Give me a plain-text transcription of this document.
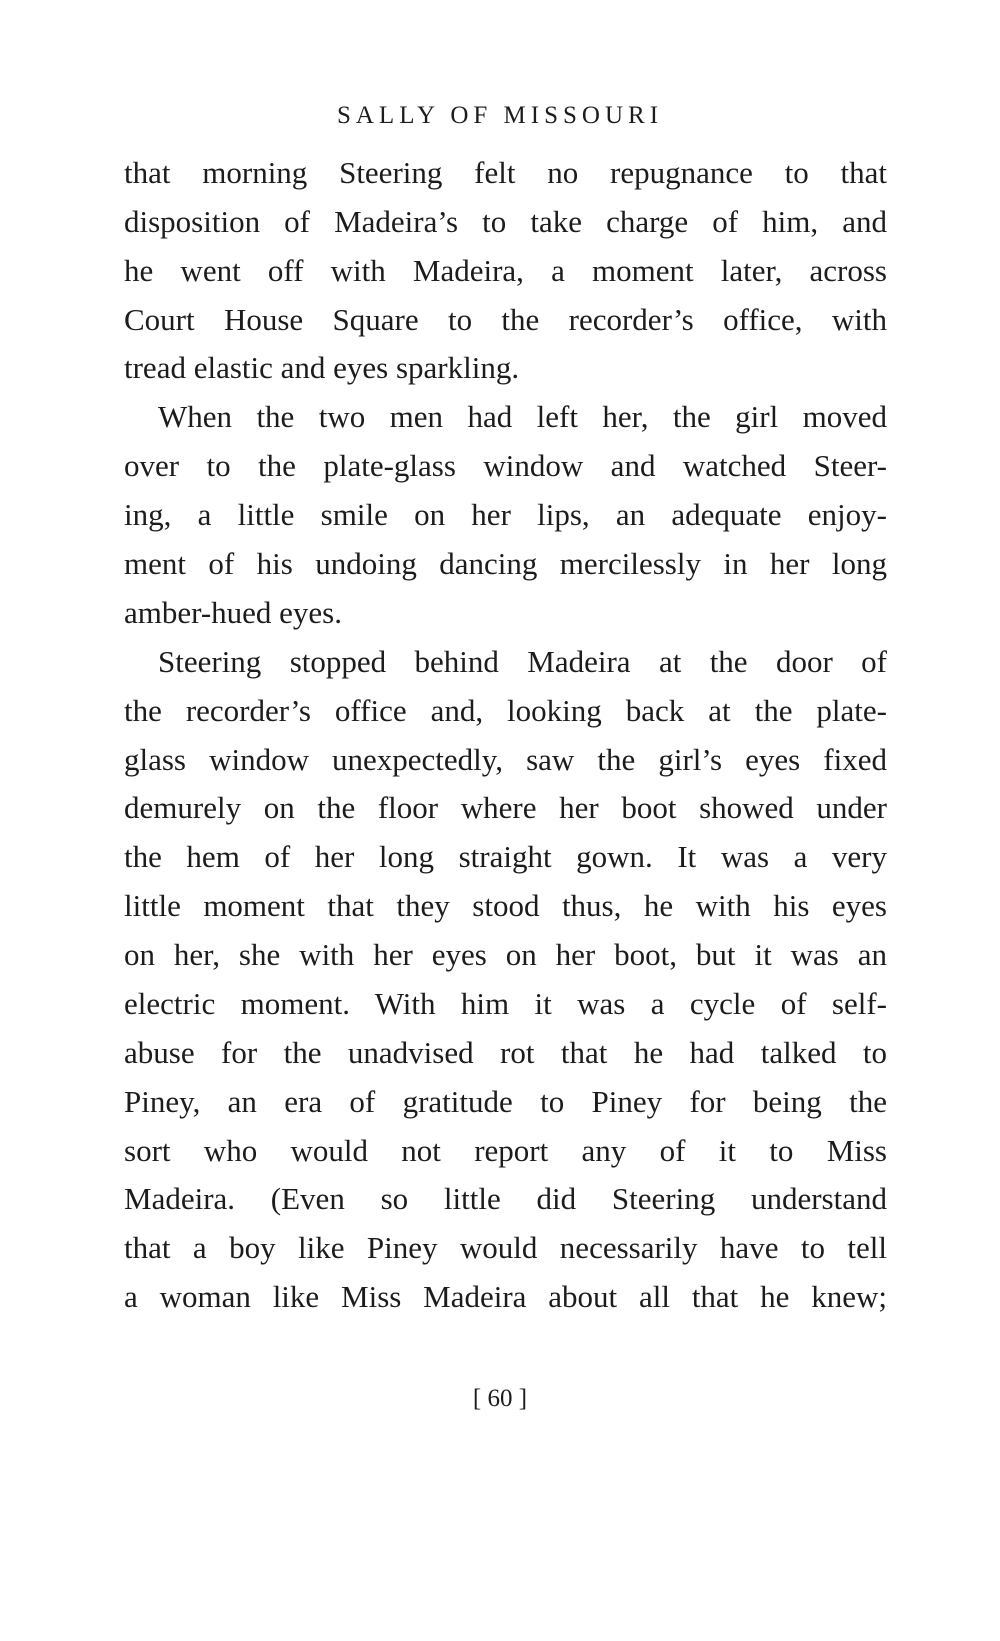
SALLY OF MISSOURI

that morning Steering felt no repugnance to that

disposition of Madeira’s to take charge of him, and

he went off with Madeira, a moment later, across

Court House Square to the recorder’s office, with

tread elastic and eyes sparkling.

When the two men had left her, the girl moved

over to the plate-glass window and watched Steer-

ing, a little smile on her lips, an adequate enjoy-

ment of his undoing dancing mercilessly in her long

amber-hued eyes.

Steering stopped behind Madeira at the door of

the recorder’s office and, looking back at the plate-

glass window unexpectedly, saw the girl’s eyes fixed

demurely on the floor where her boot showed under

the hem of her long straight gown. It was a very

little moment that they stood thus, he with his eyes

on her, she with her eyes on her boot, but it was an

electric moment. With him it was a cycle of self-

abuse for the unadvised rot that he had talked to

Piney, an era of gratitude to Piney for being the

sort who would not report any of it to Miss

Madeira. (Even so little did Steering understand

that a boy like Piney would necessarily have to tell

a woman like Miss Madeira about all that he knew;

[ 60 ]
